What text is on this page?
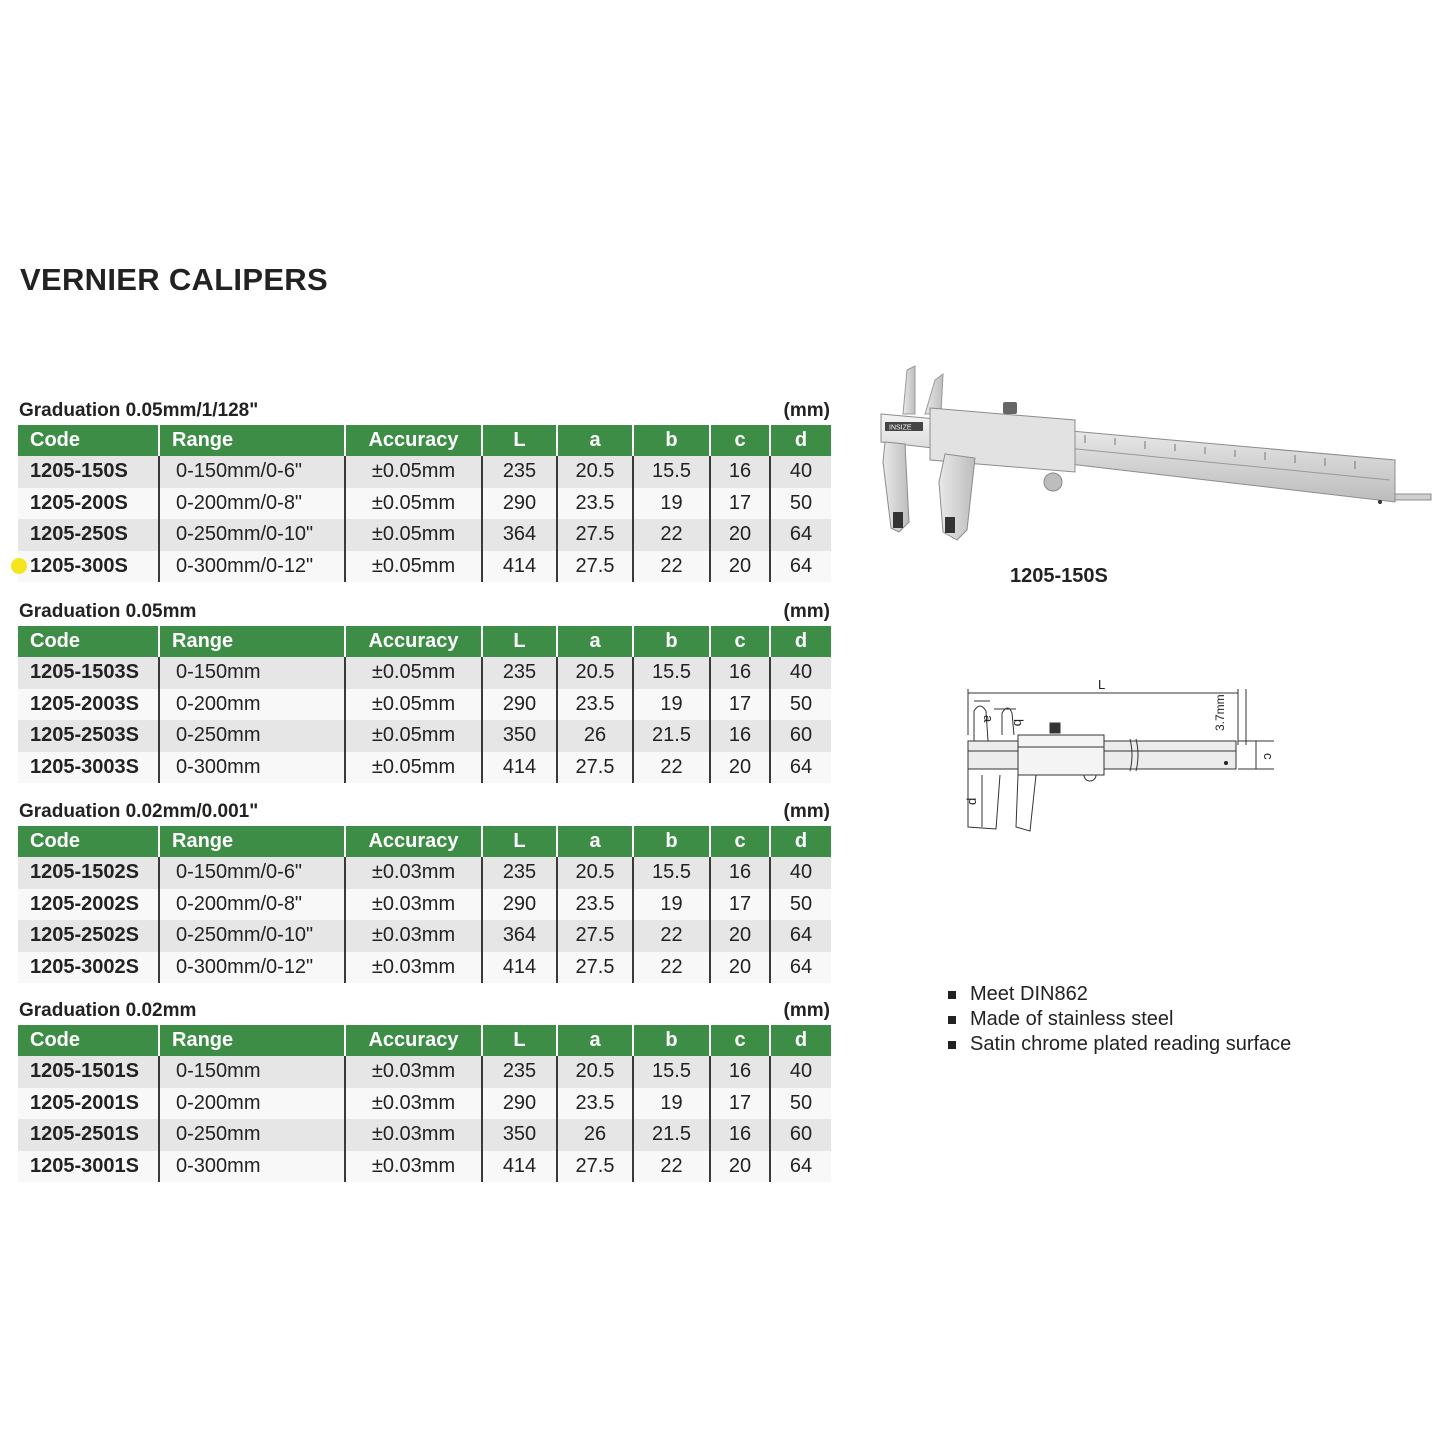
VERNIER CALIPERS
Graduation 0.05mm/1/128"	(mm)
Code	Range	Accuracy	L	a	b	c	d
1205-150S	0-150mm/0-6"	±0.05mm	235	20.5	15.5	16	40
1205-200S	0-200mm/0-8"	±0.05mm	290	23.5	19	17	50
1205-250S	0-250mm/0-10"	±0.05mm	364	27.5	22	20	64
1205-300S	0-300mm/0-12"	±0.05mm	414	27.5	22	20	64
Graduation 0.05mm	(mm)
Code	Range	Accuracy	L	a	b	c	d
1205-1503S	0-150mm	±0.05mm	235	20.5	15.5	16	40
1205-2003S	0-200mm	±0.05mm	290	23.5	19	17	50
1205-2503S	0-250mm	±0.05mm	350	26	21.5	16	60
1205-3003S	0-300mm	±0.05mm	414	27.5	22	20	64
Graduation 0.02mm/0.001"	(mm)
Code	Range	Accuracy	L	a	b	c	d
1205-1502S	0-150mm/0-6"	±0.03mm	235	20.5	15.5	16	40
1205-2002S	0-200mm/0-8"	±0.03mm	290	23.5	19	17	50
1205-2502S	0-250mm/0-10"	±0.03mm	364	27.5	22	20	64
1205-3002S	0-300mm/0-12"	±0.03mm	414	27.5	22	20	64
Graduation 0.02mm	(mm)
Code	Range	Accuracy	L	a	b	c	d
1205-1501S	0-150mm	±0.03mm	235	20.5	15.5	16	40
1205-2001S	0-200mm	±0.03mm	290	23.5	19	17	50
1205-2501S	0-250mm	±0.03mm	350	26	21.5	16	60
1205-3001S	0-300mm	±0.03mm	414	27.5	22	20	64
INSIZE
1205-150S
L
a
b
c
d
3.7mm
Meet DIN862
Made of stainless steel
Satin chrome plated reading surface
